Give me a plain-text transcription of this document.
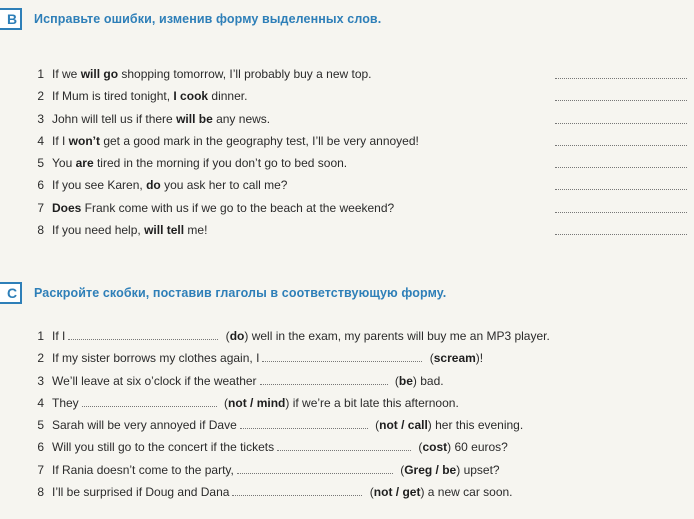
B	Исправьте ошибки, изменив форму выделенных слов.
1 If we will go shopping tomorrow, I’ll probably buy a new top.
2 If Mum is tired tonight, I cook dinner.
3 John will tell us if there will be any news.
4 If I won’t get a good mark in the geography test, I’ll be very annoyed!
5 You are tired in the morning if you don’t go to bed soon.
6 If you see Karen, do you ask her to call me?
7 Does Frank come with us if we go to the beach at the weekend?
8 If you need help, will tell me!
C	Раскройте скобки, поставив глаголы в соответствующую форму.
1 If I	(do) well in the exam, my parents will buy me an MP3 player.
2 If my sister borrows my clothes again, I	(scream)!
3 We’ll leave at six o’clock if the weather	(be) bad.
4 They	(not / mind) if we’re a bit late this afternoon.
5 Sarah will be very annoyed if Dave	(not / call) her this evening.
6 Will you still go to the concert if the tickets	(cost) 60 euros?
7 If Rania doesn’t come to the party,	(Greg / be) upset?
8 I’ll be surprised if Doug and Dana	(not / get) a new car soon.
